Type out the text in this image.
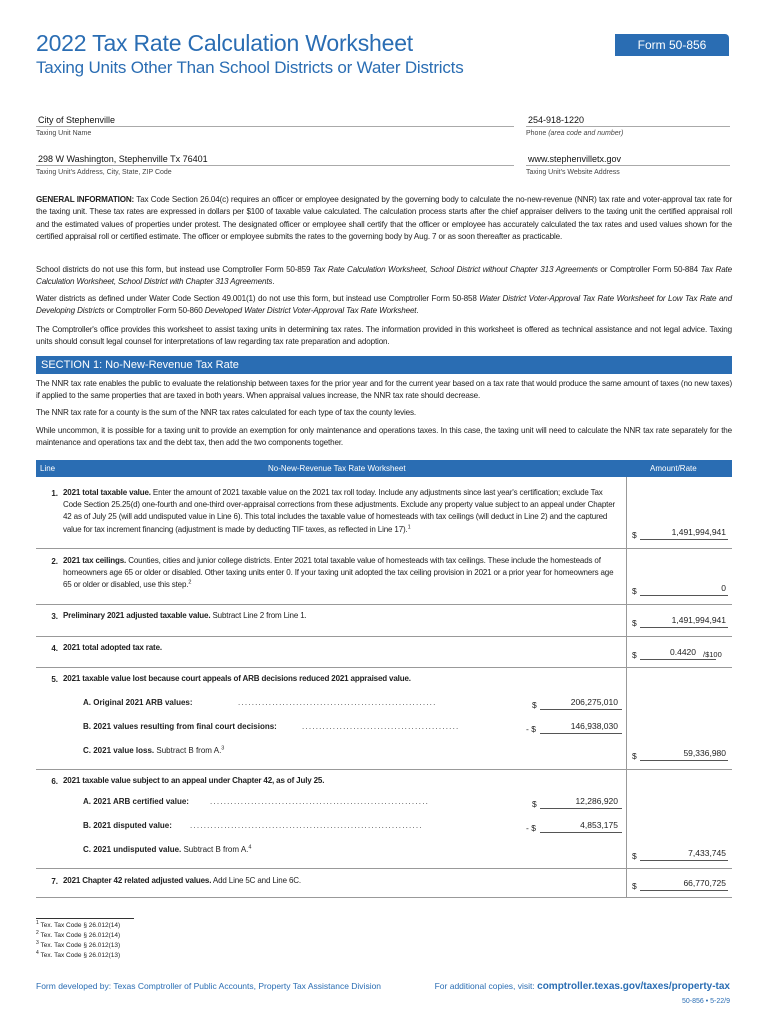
2022 Tax Rate Calculation Worksheet
Taxing Units Other Than School Districts or Water Districts
Form 50-856
City of Stephenville
Taxing Unit Name
254-918-1220
Phone (area code and number)
298 W Washington, Stephenville Tx 76401
Taxing Unit's Address, City, State, ZIP Code
www.stephenvilletx.gov
Taxing Unit's Website Address
GENERAL INFORMATION: Tax Code Section 26.04(c) requires an officer or employee designated by the governing body to calculate the no-new-revenue (NNR) tax rate and voter-approval tax rate for the taxing unit. These tax rates are expressed in dollars per $100 of taxable value calculated. The calculation process starts after the chief appraiser delivers to the taxing unit the certified appraisal roll and the estimated values of properties under protest. The designated officer or employee shall certify that the officer or employee has accurately calculated the tax rates and used values shown for the certified appraisal roll or certified estimate. The officer or employee submits the rates to the governing body by Aug. 7 or as soon thereafter as practicable.
School districts do not use this form, but instead use Comptroller Form 50-859 Tax Rate Calculation Worksheet, School District without Chapter 313 Agreements or Comptroller Form 50-884 Tax Rate Calculation Worksheet, School District with Chapter 313 Agreements.
Water districts as defined under Water Code Section 49.001(1) do not use this form, but instead use Comptroller Form 50-858 Water District Voter-Approval Tax Rate Worksheet for Low Tax Rate and Developing Districts or Comptroller Form 50-860 Developed Water District Voter-Approval Tax Rate Worksheet.
The Comptroller's office provides this worksheet to assist taxing units in determining tax rates. The information provided in this worksheet is offered as technical assistance and not legal advice. Taxing units should consult legal counsel for interpretations of law regarding tax rate preparation and adoption.
SECTION 1: No-New-Revenue Tax Rate
The NNR tax rate enables the public to evaluate the relationship between taxes for the prior year and for the current year based on a tax rate that would produce the same amount of taxes (no new taxes) if applied to the same properties that are taxed in both years. When appraisal values increase, the NNR tax rate should decrease.
The NNR tax rate for a county is the sum of the NNR tax rates calculated for each type of tax the county levies.
While uncommon, it is possible for a taxing unit to provide an exemption for only maintenance and operations taxes. In this case, the taxing unit will need to calculate the NNR tax rate separately for the maintenance and operations tax and the debt tax, then add the two components together.
Line	No-New-Revenue Tax Rate Worksheet	Amount/Rate
1. 2021 total taxable value. Enter the amount of 2021 taxable value on the 2021 tax roll today. Include any adjustments since last year's certification; exclude Tax Code Section 25.25(d) one-fourth and one-third over-appraisal corrections from these adjustments. Exclude any property value subject to an appeal under Chapter 42 as of July 25 (will add undisputed value in Line 6). This total includes the taxable value of homesteads with tax ceilings (will deduct in Line 2) and the captured value for tax increment financing (adjustment is made by deducting TIF taxes, as reflected in Line 17).$^1$
$	1,491,994,941
2. 2021 tax ceilings. Counties, cities and junior college districts. Enter 2021 total taxable value of homesteads with tax ceilings. These include the homesteads of homeowners age 65 or older or disabled. Other taxing units enter 0. If your taxing unit adopted the tax ceiling provision in 2021 or a prior year for homeowners age 65 or older or disabled, use this step.$^2$
$	0
3. Preliminary 2021 adjusted taxable value. Subtract Line 2 from Line 1.
$	1,491,994,941
4. 2021 total adopted tax rate.
$	0.4420 /$100
5. 2021 taxable value lost because court appeals of ARB decisions reduced 2021 appraised value.
A. Original 2021 ARB values:	..........................................................	$	206,275,010
B. 2021 values resulting from final court decisions:	..............................................	- $	146,938,030
C. 2021 value loss. Subtract B from A.$^3$
$	59,336,980
6. 2021 taxable value subject to an appeal under Chapter 42, as of July 25.
A. 2021 ARB certified value:	................................................................	$	12,286,920
B. 2021 disputed value: ....................................................................	- $	4,853,175
C. 2021 undisputed value. Subtract B from A.$^4$
$	7,433,745
7. 2021 Chapter 42 related adjusted values. Add Line 5C and Line 6C.
$	66,770,725
$^1$ Tex. Tax Code § 26.012(14)
$^2$ Tex. Tax Code § 26.012(14)
$^3$ Tex. Tax Code § 26.012(13)
$^4$ Tex. Tax Code § 26.012(13)
Form developed by: Texas Comptroller of Public Accounts, Property Tax Assistance Division	For additional copies, visit: comptroller.texas.gov/taxes/property-tax
50-856 • 5-22/9
